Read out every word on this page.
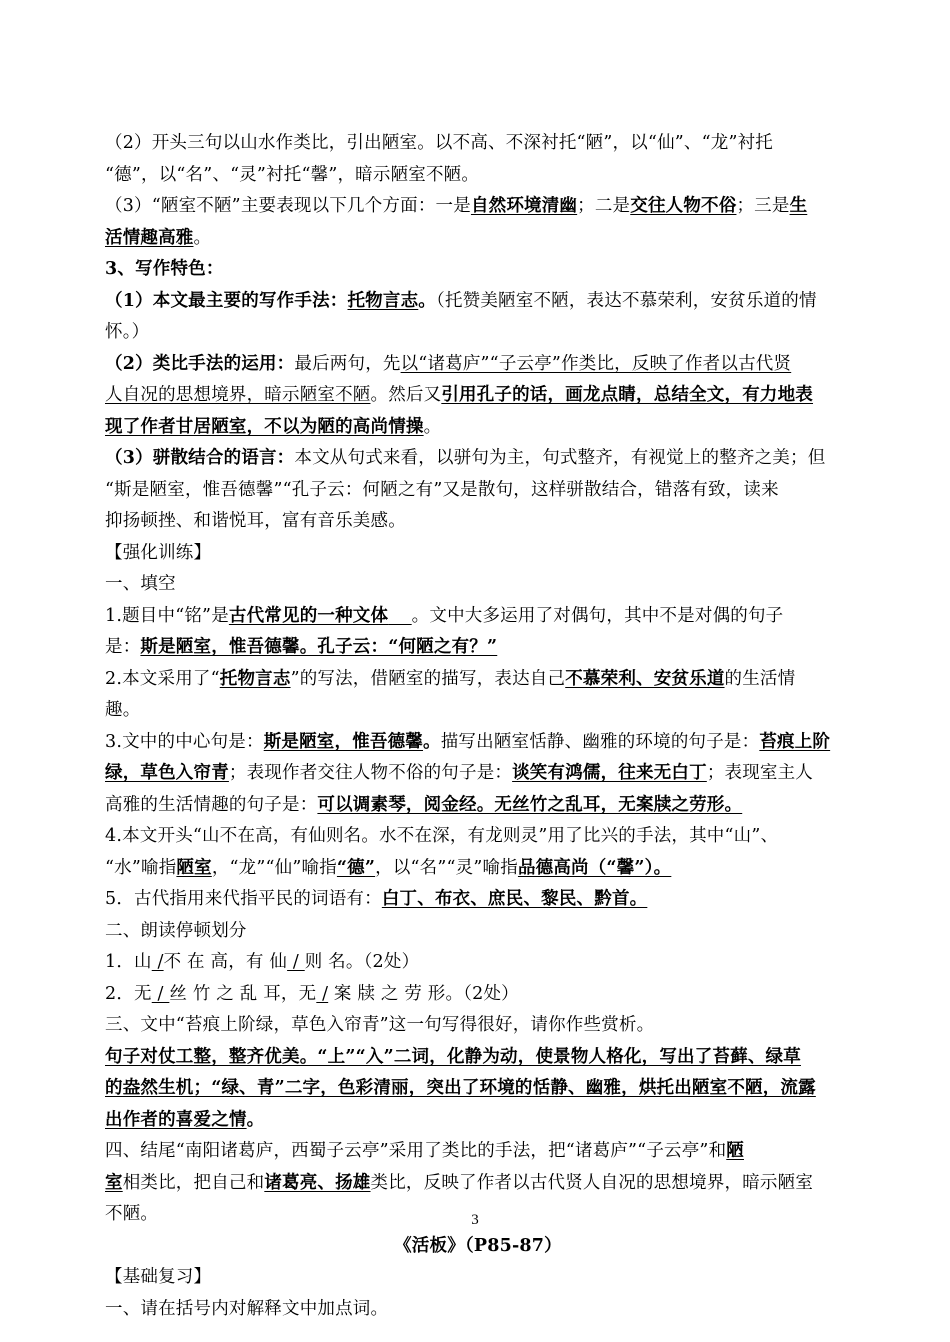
（2）开头三句以山水作类比，引出陋室。以不高、不深衬托“陋”，以“仙”、“龙”衬托
“德”，以“名”、“灵”衬托“馨”，暗示陋室不陋。
（3）“陋室不陋”主要表现以下几个方面：一是自然环境清幽；二是交往人物不俗；三是生
活情趣高雅。
3、写作特色：
（1）本文最主要的写作手法：托物言志。（托赞美陋室不陋，表达不慕荣利，安贫乐道的情
怀。）
（2）类比手法的运用：最后两句，先以“诸葛庐”“子云亭”作类比，反映了作者以古代贤
人自况的思想境界，暗示陋室不陋。然后又引用孔子的话，画龙点睛，总结全文，有力地表
现了作者甘居陋室，不以为陋的高尚情操。
（3）骈散结合的语言：本文从句式来看，以骈句为主，句式整齐，有视觉上的整齐之美；但
“斯是陋室，惟吾德馨”“孔子云：何陋之有”又是散句，这样骈散结合，错落有致，读来
抑扬顿挫、和谐悦耳，富有音乐美感。
【强化训练】
一、填空
1.题目中“铭”是古代常见的一种文体　 。文中大多运用了对偶句，其中不是对偶的句子
是：斯是陋室，惟吾德馨。孔子云：“何陋之有？”
2.本文采用了“托物言志”的写法，借陋室的描写，表达自己不慕荣利、安贫乐道的生活情
趣。
3.文中的中心句是：斯是陋室，惟吾德馨。描写出陋室恬静、幽雅的环境的句子是：苔痕上阶
绿，草色入帘青；表现作者交往人物不俗的句子是：谈笑有鸿儒，往来无白丁；表现室主人
高雅的生活情趣的句子是：可以调素琴，阅金经。无丝竹之乱耳，无案牍之劳形。
4.本文开头“山不在高，有仙则名。水不在深，有龙则灵”用了比兴的手法，其中“山”、
“水”喻指陋室，“龙”“仙”喻指“德”，以“名”“灵”喻指品德高尚（“馨”）。
5．古代指用来代指平民的词语有：白丁、布衣、庶民、黎民、黔首。
二、朗读停顿划分
1．山 /不 在 高，有 仙 / 则 名。（2处）
2．无 / 丝 竹 之 乱 耳，无 / 案 牍 之 劳 形。（2处）
三、文中“苔痕上阶绿，草色入帘青”这一句写得很好，请你作些赏析。
句子对仗工整，整齐优美。“上”“入”二词，化静为动，使景物人格化，写出了苔藓、绿草
的盎然生机；“绿、青”二字，色彩清丽，突出了环境的恬静、幽雅，烘托出陋室不陋，流露
出作者的喜爱之情。
四、结尾“南阳诸葛庐，西蜀子云亭”采用了类比的手法，把“诸葛庐”“子云亭”和陋
室相类比，把自己和诸葛亮、扬雄类比，反映了作者以古代贤人自况的思想境界，暗示陋室
不陋。
《活板》（P85-87）
【基础复习】
一、请在括号内对解释文中加点词。
3
